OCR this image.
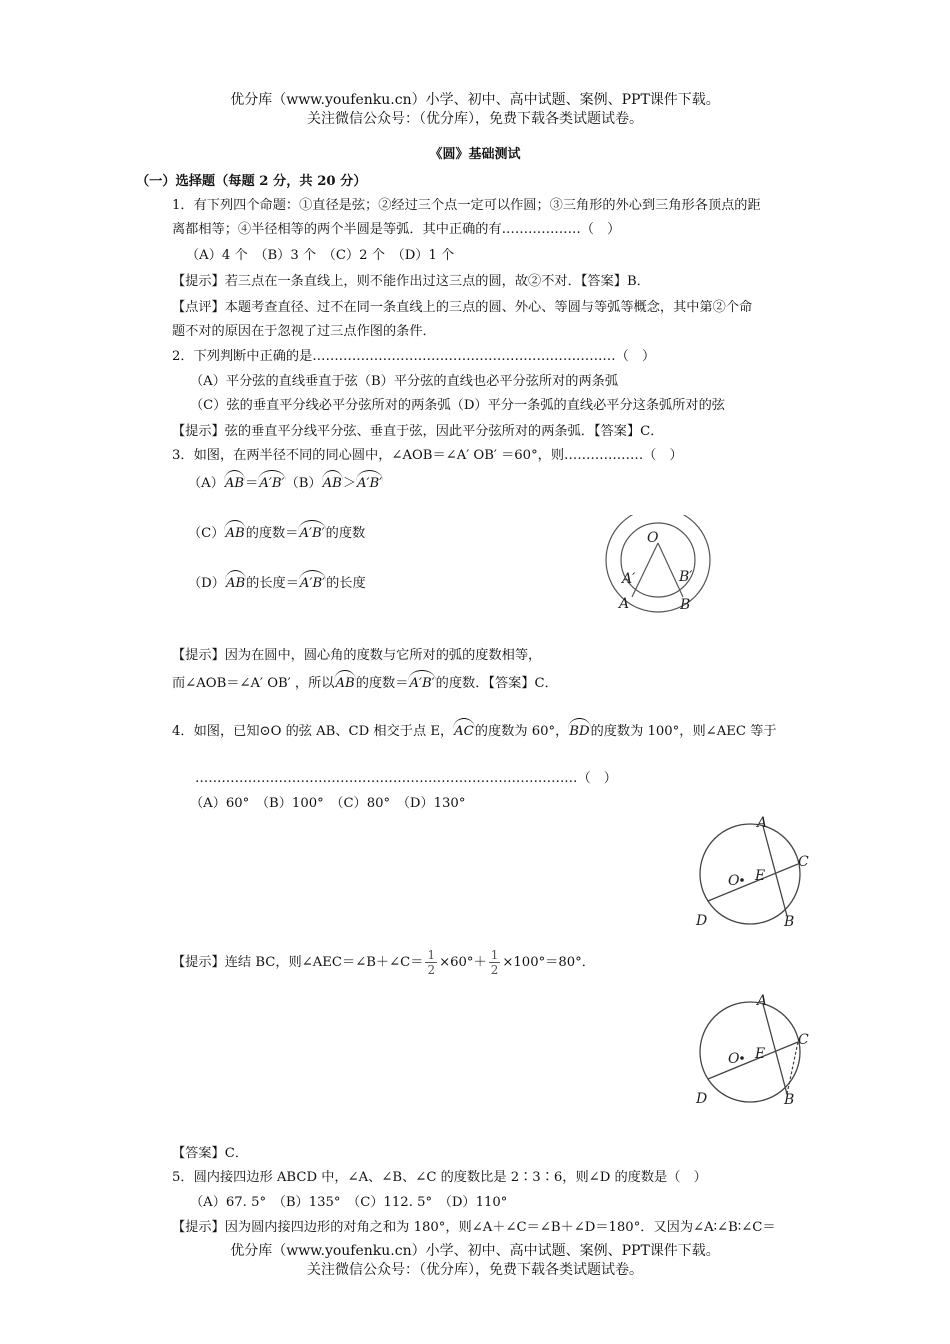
优分库（www.youfenku.cn）小学、初中、高中试题、案例、PPT课件下载。
关注微信公众号：（优分库），免费下载各类试题试卷。
《圆》基础测试
（一）选择题（每题 2 分，共 20 分）
1．有下列四个命题：①直径是弦；②经过三个点一定可以作圆；③三角形的外心到三角形各顶点的距
离都相等；④半径相等的两个半圆是等弧．其中正确的有………………（　）
（A）4 个　（B）3 个　（C）2 个　（D）1 个
【提示】若三点在一条直线上，则不能作出过这三点的圆，故②不对．【答案】B．
【点评】本题考查直径、过不在同一条直线上的三点的圆、外心、等圆与等弧等概念，其中第②个命
题不对的原因在于忽视了过三点作图的条件．
2．下列判断中正确的是……………………………………………………………（　）
（A）平分弦的直线垂直于弦（B）平分弦的直线也必平分弦所对的两条弧
（C）弦的垂直平分线必平分弦所对的两条弧（D）平分一条弧的直线必平分这条弧所对的弦
【提示】弦的垂直平分线平分弦、垂直于弦，因此平分弦所对的两条弧．【答案】C．
3．如图，在两半径不同的同心圆中，∠AOB＝∠A′ OB′ ＝60°，则………………（　）
（A）AB＝A′B′（B）AB＞A′B′
（C）AB的度数＝A′B′的度数
（D）AB的长度＝A′B′的长度
O
A′	B′
A	B
【提示】因为在圆中，圆心角的度数与它所对的弧的度数相等，
而∠AOB＝∠A′ OB′ ，所以AB的度数＝A′B′的度数．【答案】C．
4．如图，已知⊙O 的弦 AB、CD 相交于点 E，AC的度数为 60°，BD的度数为 100°，则∠AEC 等于
……………………………………………………………………………（　）
（A）60°　（B）100°　（C）80°　（D）130°
A
C
O E
D	B
【提示】连结 BC，则∠AEC＝∠B＋∠C＝ $\frac{1}{2} \times 60^\circ+ \frac{1}{2} \times 100^\circ=80^\circ$．
A
C
O E
D	B
【答案】C．
5．圆内接四边形 ABCD 中，∠A、∠B、∠C 的度数比是 2∶3∶6，则∠D 的度数是（　）
（A）67. 5°　（B）135°　（C）112. 5°　（D）110°
【提示】因为圆内接四边形的对角之和为 180°，则∠A＋∠C＝∠B＋∠D＝180°．又因为∠A∶∠B∶∠C＝
优分库（www.youfenku.cn）小学、初中、高中试题、案例、PPT课件下载。
关注微信公众号：（优分库），免费下载各类试题试卷。
